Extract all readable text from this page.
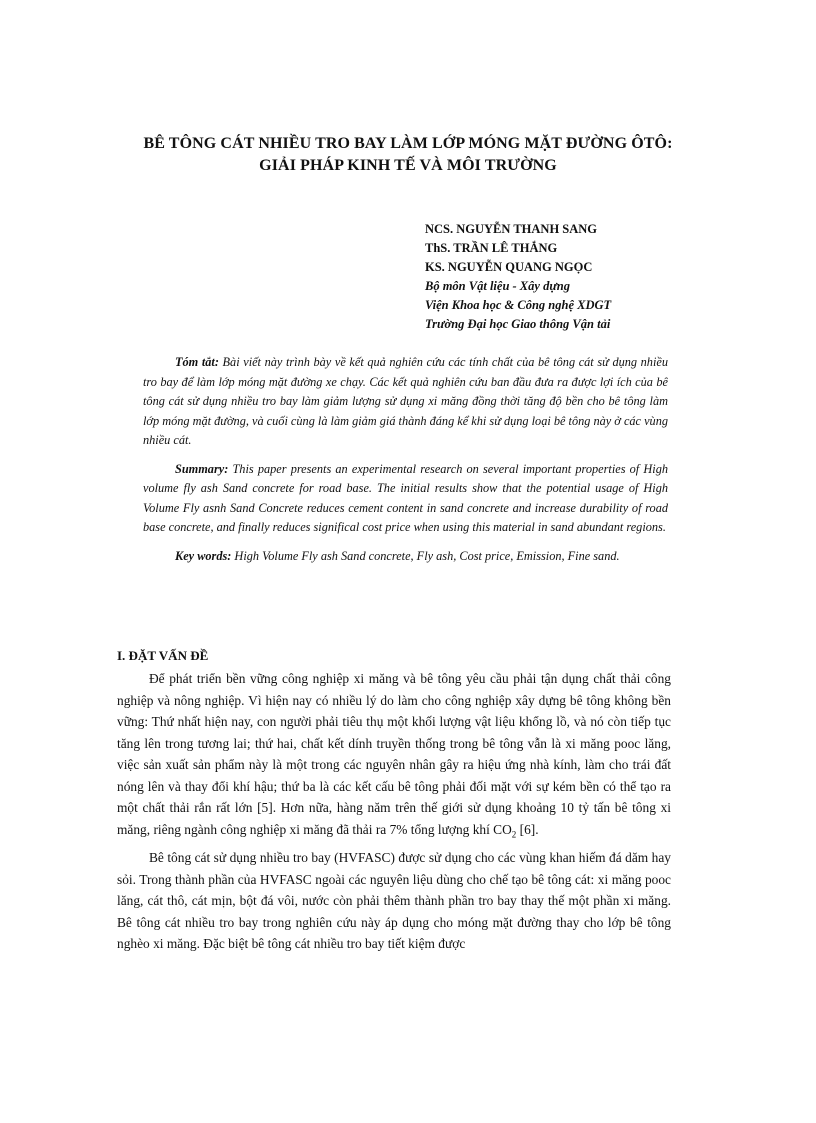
BÊ TÔNG CÁT NHIỀU TRO BAY LÀM LỚP MÓNG MẶT ĐƯỜNG ÔTÔ:
GIẢI PHÁP KINH TẾ VÀ MÔI TRƯỜNG
NCS. NGUYỄN THANH SANG
ThS. TRẦN LÊ THẮNG
KS. NGUYỄN QUANG NGỌC
Bộ môn Vật liệu - Xây dựng
Viện Khoa học & Công nghệ XDGT
Trường Đại học Giao thông Vận tải

Tóm tắt: Bài viết này trình bày về kết quả nghiên cứu các tính chất của bê tông cát sử dụng nhiều tro bay để làm lớp móng mặt đường xe chạy. Các kết quả nghiên cứu ban đầu đưa ra được lợi ích của bê tông cát sử dụng nhiều tro bay làm giảm lượng sử dụng xi măng đồng thời tăng độ bền cho bê tông làm lớp móng mặt đường, và cuối cùng là làm giảm giá thành đáng kể khi sử dụng loại bê tông này ở các vùng nhiều cát.

Summary: This paper presents an experimental research on several important properties of High volume fly ash Sand concrete for road base. The initial results show that the potential usage of High Volume Fly asnh Sand Concrete reduces cement content in sand concrete and increase durability of road base concrete, and finally reduces significal cost price when using this material in sand abundant regions.

Key words: High Volume Fly ash Sand concrete, Fly ash, Cost price, Emission, Fine sand.

I. ĐẶT VẤN ĐỀ

Để phát triển bền vững công nghiệp xi măng và bê tông yêu cầu phải tận dụng chất thải công nghiệp và nông nghiệp. Vì hiện nay có nhiều lý do làm cho công nghiệp xây dựng bê tông không bền vững: Thứ nhất hiện nay, con người phải tiêu thụ một khối lượng vật liệu khổng lồ, và nó còn tiếp tục tăng lên trong tương lai; thứ hai, chất kết dính truyền thống trong bê tông vẫn là xi măng pooc lăng, việc sản xuất sản phẩm này là một trong các nguyên nhân gây ra hiệu ứng nhà kính, làm cho trái đất nóng lên và thay đổi khí hậu; thứ ba là các kết cấu bê tông phải đối mặt với sự kém bền có thể tạo ra một chất thải rắn rất lớn [5]. Hơn nữa, hàng năm trên thế giới sử dụng khoảng 10 tỷ tấn bê tông xi măng, riêng ngành công nghiệp xi măng đã thải ra 7% tổng lượng khí $CO_2$ [6].

Bê tông cát sử dụng nhiều tro bay (HVFASC) được sử dụng cho các vùng khan hiếm đá dăm hay sỏi. Trong thành phần của HVFASC ngoài các nguyên liệu dùng cho chế tạo bê tông cát: xi măng pooc lăng, cát thô, cát mịn, bột đá vôi, nước còn phải thêm thành phần tro bay thay thế một phần xi măng. Bê tông cát nhiều tro bay trong nghiên cứu này áp dụng cho móng mặt đường thay cho lớp bê tông nghèo xi măng. Đặc biệt bê tông cát nhiều tro bay tiết kiệm được
